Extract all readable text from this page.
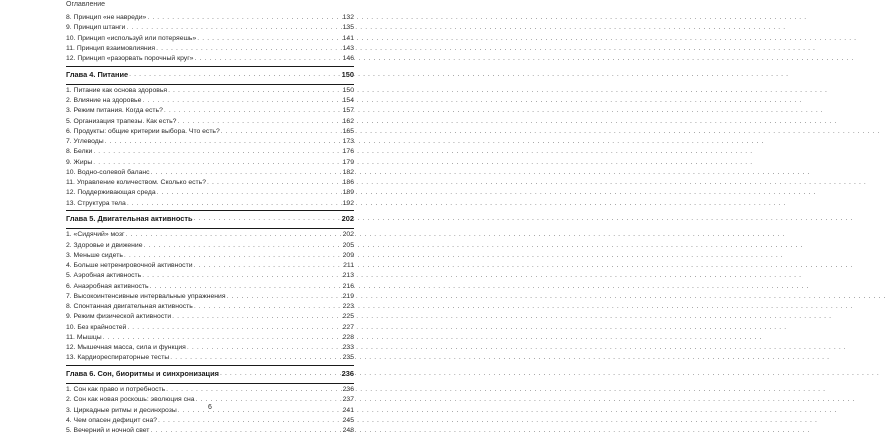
Оглавление
8. Принцип «не навреди» . . .	132
9. Принцип штанги . . .	135
10. Принцип «используй или потеряешь» . . .	141
11. Принцип взаимовлияния . . .	143
12. Принцип «разорвать порочный круг» . . .	146
Глава 4. Питание . . .	150
1. Питание как основа здоровья . . .	150
2. Влияние на здоровье . . .	154
3. Режим питания. Когда есть? . . .	157
5. Организация трапезы. Как есть? . . .	162
6. Продукты: общие критерии выбора. Что есть? . . .	165
7. Углеводы . . .	173
8. Белки . . .	176
9. Жиры . . .	179
10. Водно-солевой баланс . . .	182
11. Управление количеством. Сколько есть? . . .	186
12. Поддерживающая среда . . .	189
13. Структура тела . . .	192
Глава 5. Двигательная активность . . .	202
1. «Сидячий» мозг . . .	202
2. Здоровье и движение . . .	205
3. Меньше сидеть . . .	209
4. Больше нетренировочной активности . . .	211
5. Аэробная активность . . .	213
6. Анаэробная активность . . .	216
7. Высокоинтенсивные интервальные упражнения . . .	219
8. Спонтанная двигательная активность . . .	223
9. Режим физической активности . . .	225
10. Без крайностей . . .	227
11. Мышцы . . .	228
12. Мышечная масса, сила и функция . . .	233
13. Кардиореспираторные тесты . . .	235
Глава 6. Сон, биоритмы и синхронизация . . .	236
1. Сон как право и потребность . . .	236
2. Сон как новая роскошь: эволюция сна . . .	237
3. Циркадные ритмы и десинхрозы . . .	241
4. Чем опасен дефицит сна? . . .	245
5. Вечерний и ночной свет . . .	248
6
